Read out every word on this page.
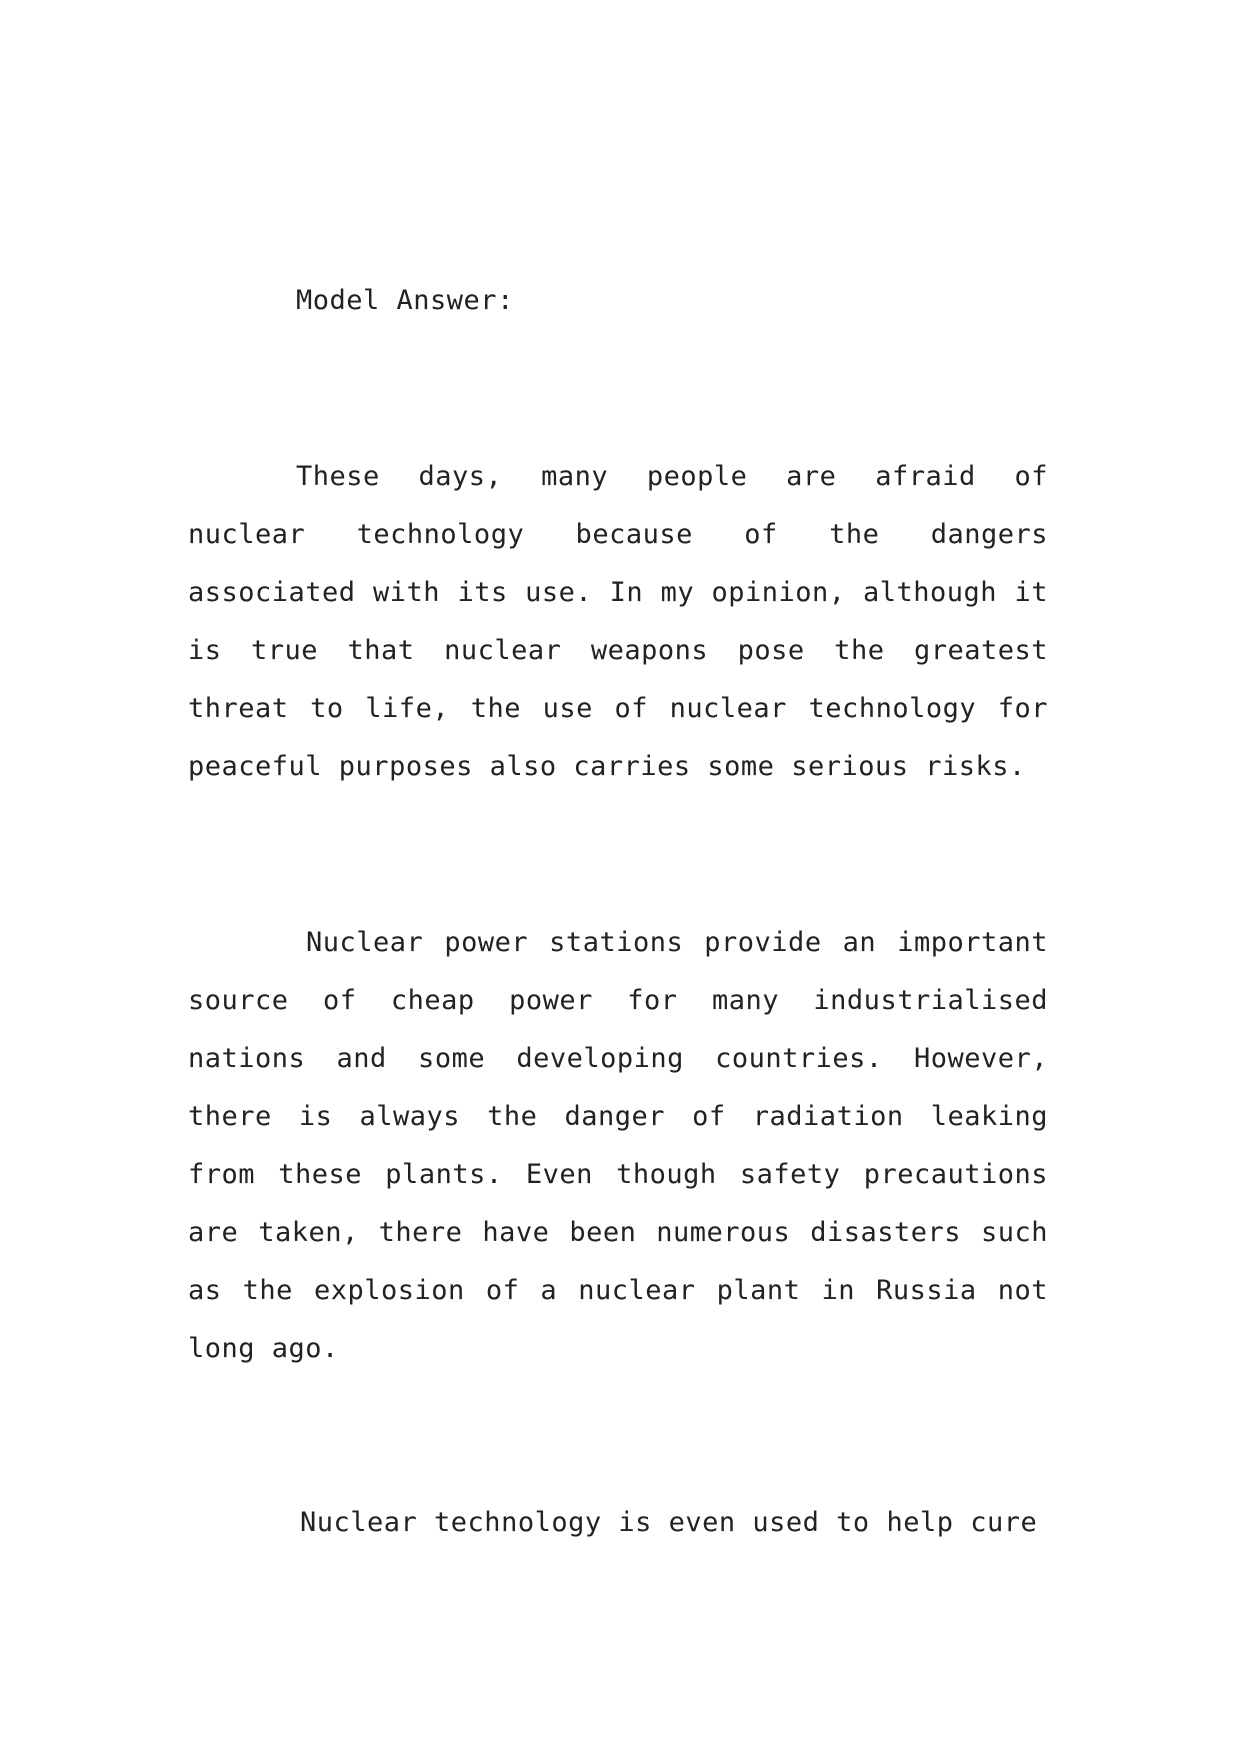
Model Answer:

These days, many people are afraid of nuclear technology because of the dangers associated with its use. In my opinion, although it is true that nuclear weapons pose the greatest threat to life, the use of nuclear technology for peaceful purposes also carries some serious risks.

Nuclear power stations provide an important source of cheap power for many industrialised nations and some developing countries. However, there is always the danger of radiation leaking from these plants. Even though safety precautions are taken, there have been numerous disasters such as the explosion of a nuclear plant in Russia not long ago.

Nuclear technology is even used to help cure
